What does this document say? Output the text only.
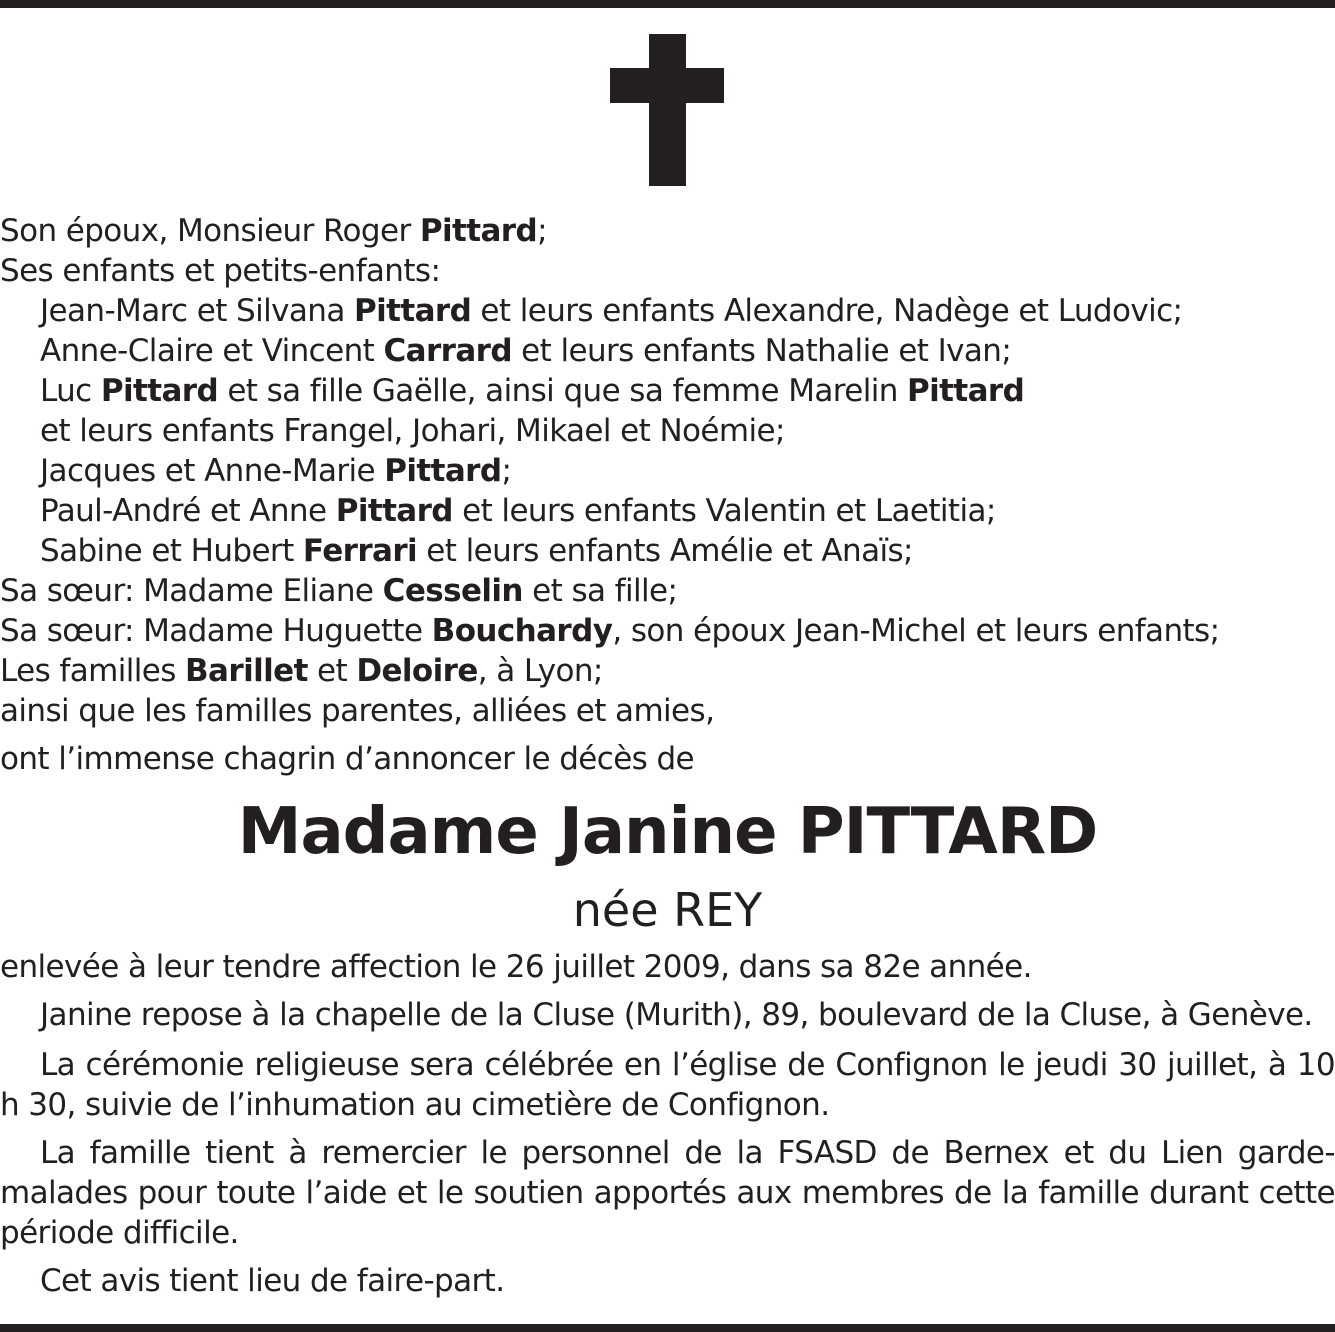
Son époux, Monsieur Roger Pittard;
Ses enfants et petits-enfants:
Jean-Marc et Silvana Pittard et leurs enfants Alexandre, Nadège et Ludovic;
Anne-Claire et Vincent Carrard et leurs enfants Nathalie et Ivan;
Luc Pittard et sa fille Gaëlle, ainsi que sa femme Marelin Pittard
et leurs enfants Frangel, Johari, Mikael et Noémie;
Jacques et Anne-Marie Pittard;
Paul-André et Anne Pittard et leurs enfants Valentin et Laetitia;
Sabine et Hubert Ferrari et leurs enfants Amélie et Anaïs;
Sa sœur: Madame Eliane Cesselin et sa fille;
Sa sœur: Madame Huguette Bouchardy, son époux Jean-Michel et leurs enfants;
Les familles Barillet et Deloire, à Lyon;
ainsi que les familles parentes, alliées et amies,
ont l’immense chagrin d’annoncer le décès de
Madame Janine PITTARD
née REY
enlevée à leur tendre affection le 26 juillet 2009, dans sa 82e année.
Janine repose à la chapelle de la Cluse (Murith), 89, boulevard de la Cluse, à Genève.
La cérémonie religieuse sera célébrée en l’église de Confignon le jeudi 30 juillet, à 10 h 30, suivie de l’inhumation au cimetière de Confignon.
La famille tient à remercier le personnel de la FSASD de Bernex et du Lien garde-malades pour toute l’aide et le soutien apportés aux membres de la famille durant cette période difficile.
Cet avis tient lieu de faire-part.
